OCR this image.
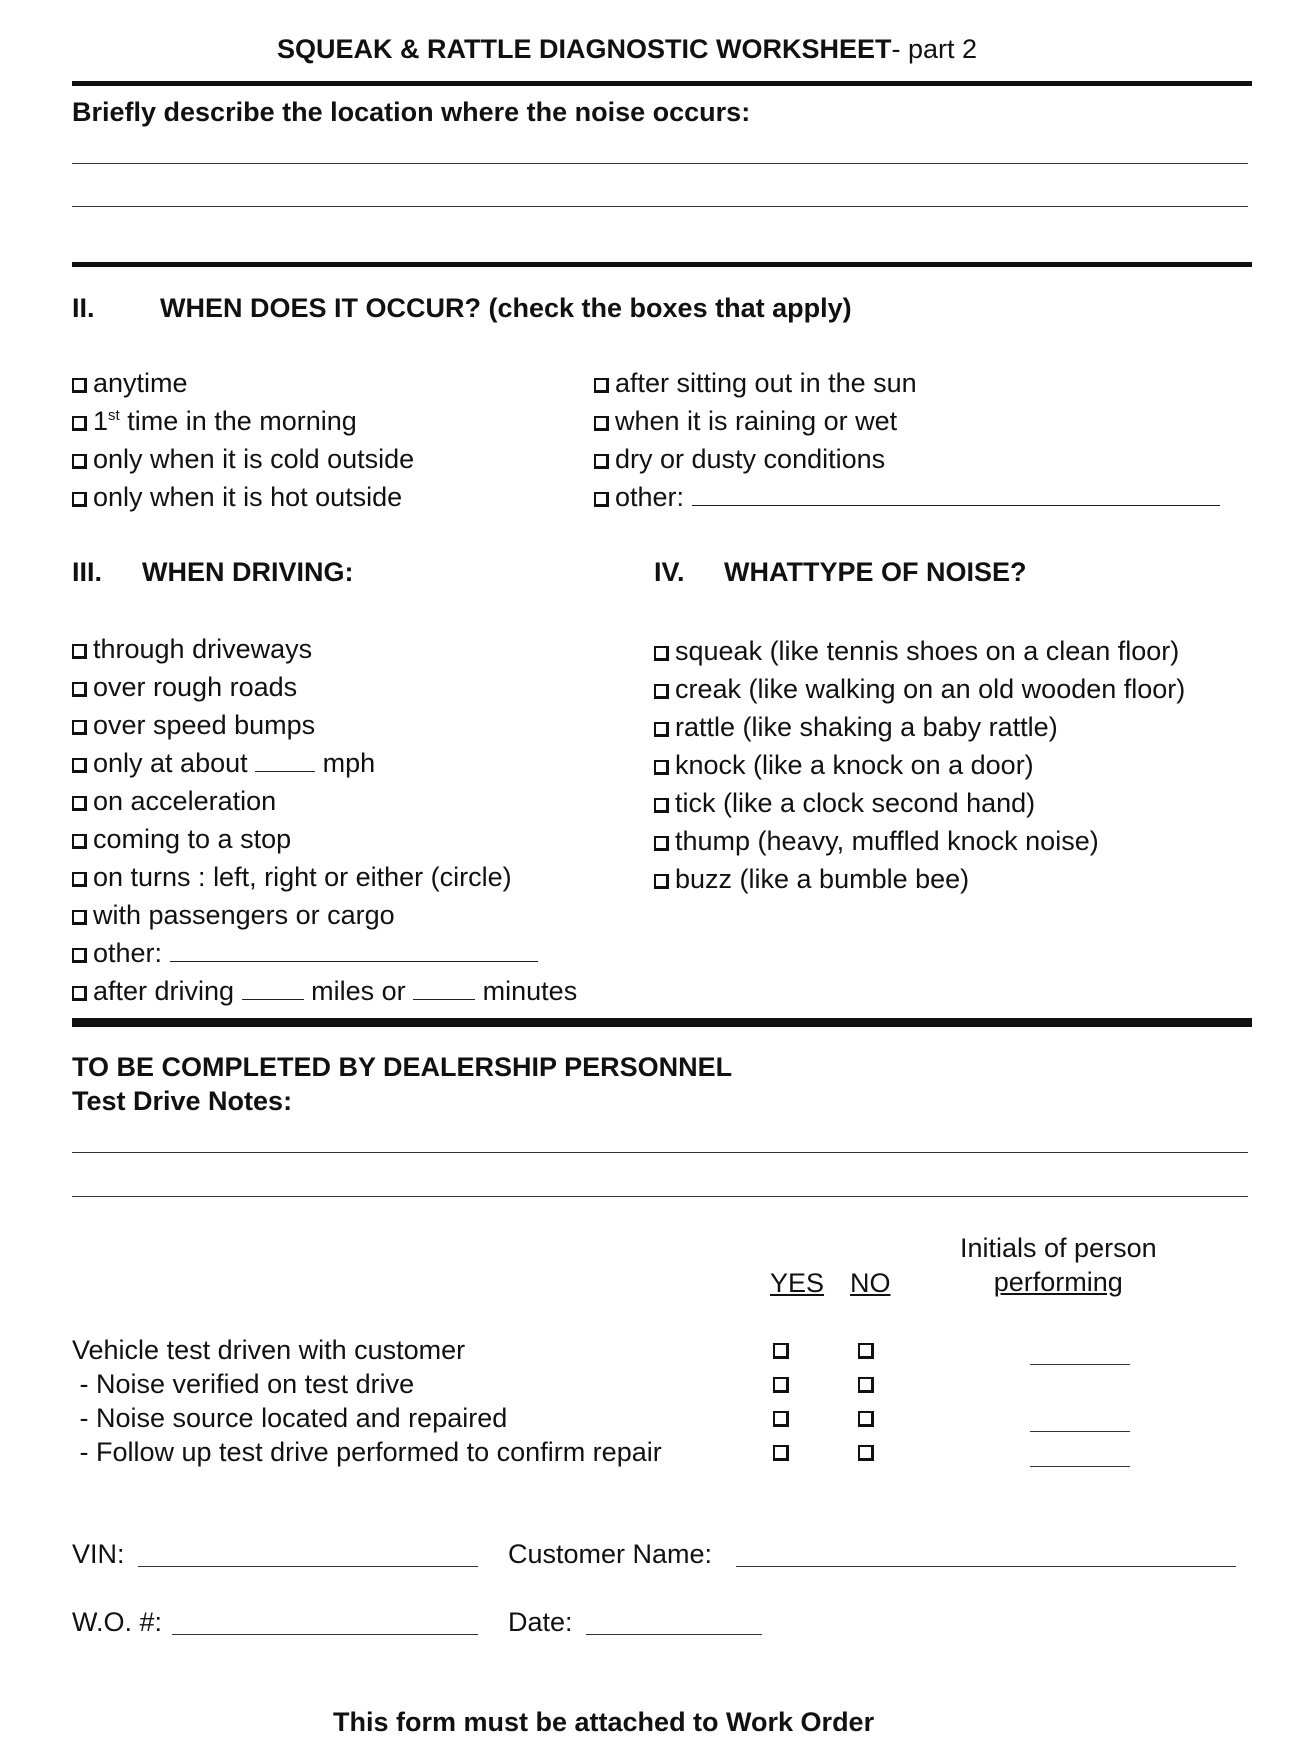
SQUEAK & RATTLE DIAGNOSTIC WORKSHEET- part 2
Briefly describe the location where the noise occurs:
II. WHEN DOES IT OCCUR? (check the boxes that apply)
anytime
1st time in the morning
only when it is cold outside
only when it is hot outside
after sitting out in the sun
when it is raining or wet
dry or dusty conditions
other:
III. WHEN DRIVING:
through driveways
over rough roads
over speed bumps
only at about	mph
on acceleration
coming to a stop
on turns : left, right or either (circle)
with passengers or cargo
other:
after driving	miles or	minutes
IV. WHATTYPE OF NOISE?
squeak (like tennis shoes on a clean floor)
creak (like walking on an old wooden floor)
rattle (like shaking a baby rattle)
knock (like a knock on a door)
tick (like a clock second hand)
thump (heavy, muffled knock noise)
buzz (like a bumble bee)
TO BE COMPLETED BY DEALERSHIP PERSONNEL
Test Drive Notes:
Initials of person
performing
YES NO
Vehicle test driven with customer
- Noise verified on test drive
- Noise source located and repaired
- Follow up test drive performed to confirm repair
VIN:	Customer Name:
W.O. #:	Date:
This form must be attached to Work Order
